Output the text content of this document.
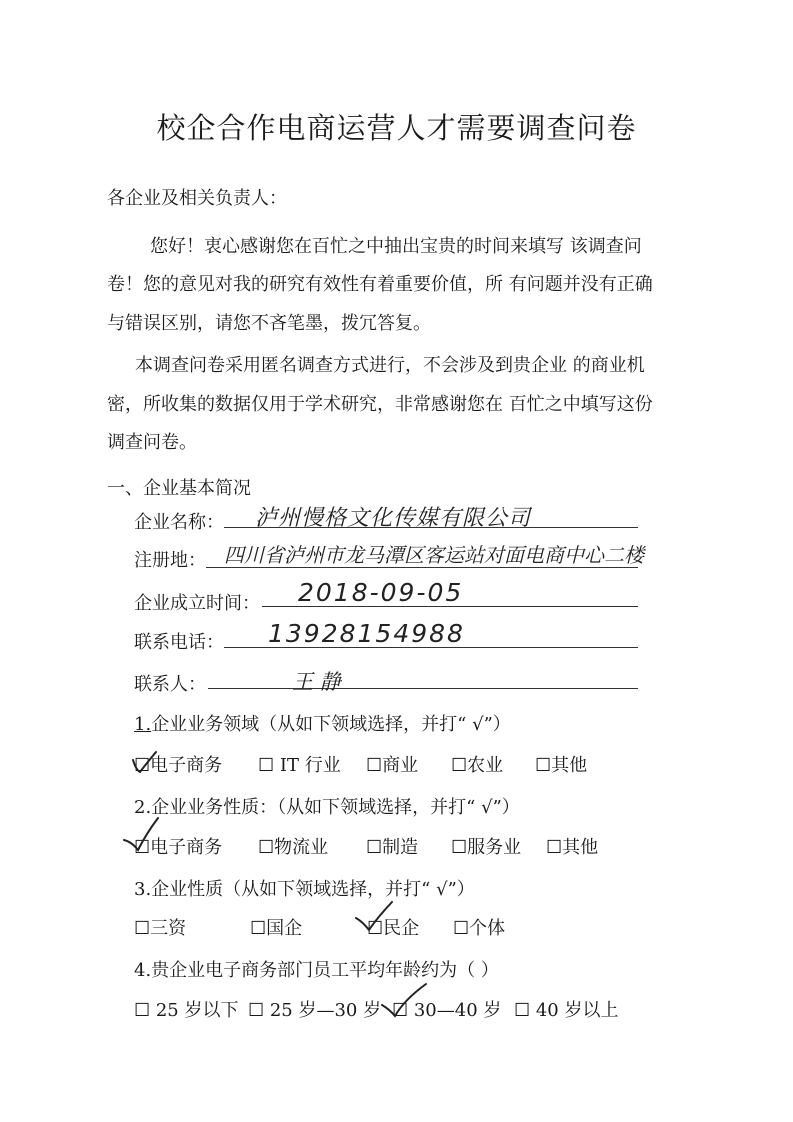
校企合作电商运营人才需要调查问卷
各企业及相关负责人：
您好！衷心感谢您在百忙之中抽出宝贵的时间来填写 该调查问
卷！您的意见对我的研究有效性有着重要价值，所 有问题并没有正确
与错误区别，请您不吝笔墨，拨冗答复。
本调查问卷采用匿名调查方式进行，不会涉及到贵企业 的商业机
密，所收集的数据仅用于学术研究，非常感谢您在 百忙之中填写这份
调查问卷。
一、企业基本简况
企业名称： 泸州慢格文化传媒有限公司
注册地： 四川省泸州市龙马潭区客运站对面电商中心二楼
企业成立时间： 2018-09-05
联系电话： 13928154988
联系人：	王 静
1.企业业务领域（从如下领域选择，并打“ √”）
☐电子商务 ☐ IT 行业 ☐商业 ☐农业 ☐其他
2.企业业务性质：（从如下领域选择，并打“ √”）
☐电子商务 ☐物流业 ☐制造 ☐服务业 ☐其他
3.企业性质（从如下领域选择，并打“ √”）
☐三资	☐国企	☐民企 ☐个体
4.贵企业电子商务部门员工平均年龄约为（ ）
☐ 25 岁以下 ☐ 25 岁—30 岁 ☐ 30—40 岁 ☐ 40 岁以上
